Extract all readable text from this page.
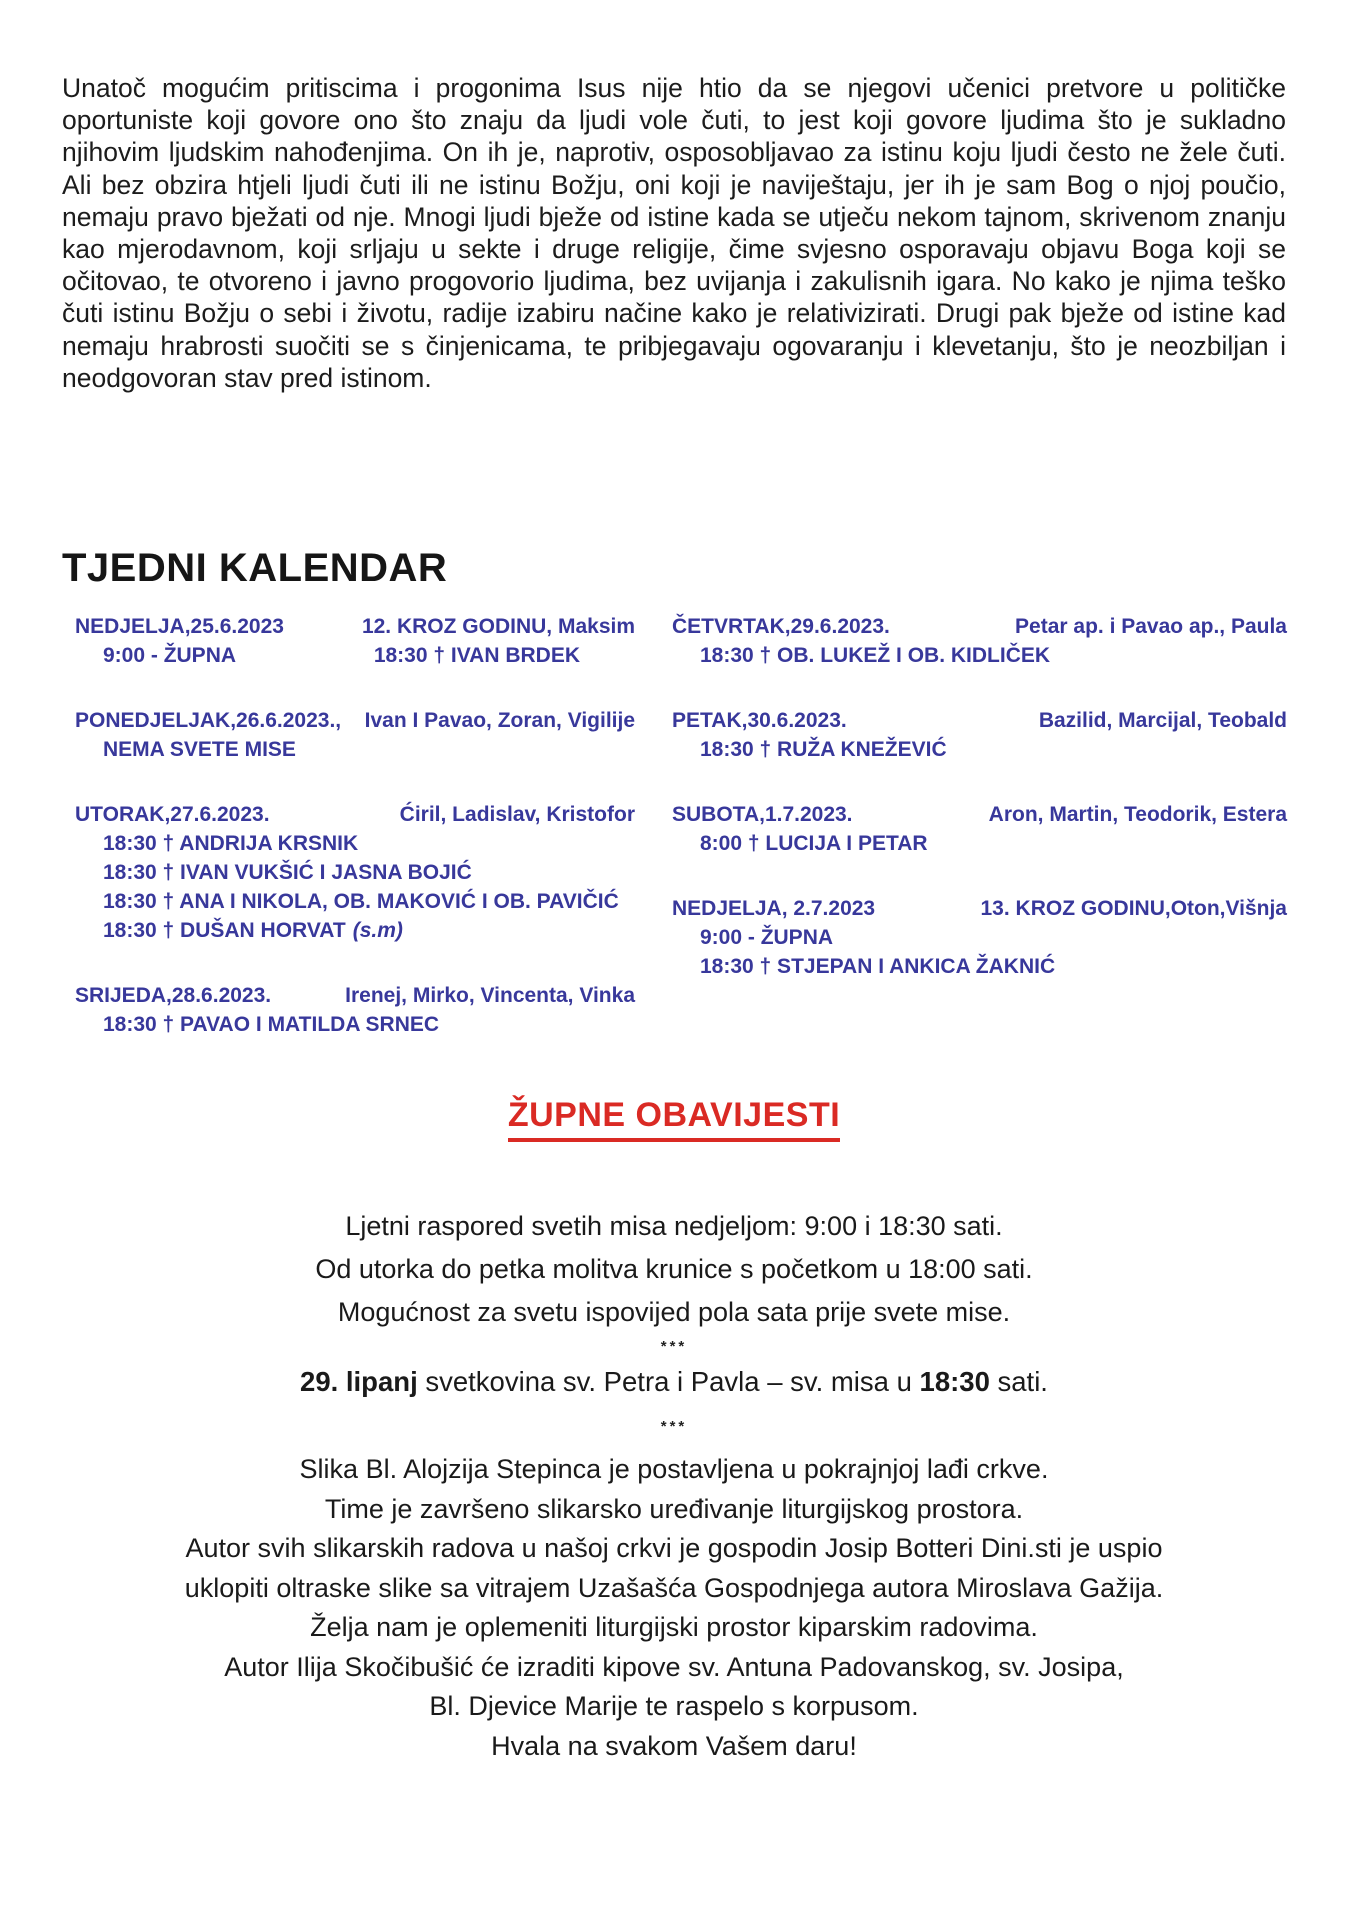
Unatoč mogućim pritiscima i progonima Isus nije htio da se njegovi učenici pretvore u političke oportuniste koji govore ono što znaju da ljudi vole čuti, to jest koji govore ljudima što je sukladno njihovim ljudskim nahođenjima. On ih je, naprotiv, osposobljavao za istinu koju ljudi često ne žele čuti. Ali bez obzira htjeli ljudi čuti ili ne istinu Božju, oni koji je naviještaju, jer ih je sam Bog o njoj poučio, nemaju pravo bježati od nje. Mnogi ljudi bježe od istine kada se utječu nekom tajnom, skrivenom znanju kao mjerodavnom, koji srljaju u sekte i druge religije, čime svjesno osporavaju objavu Boga koji se očitovao, te otvoreno i javno progovorio ljudima, bez uvijanja i zakulisnih igara. No kako je njima teško čuti istinu Božju o sebi i životu, radije izabiru načine kako je relativizirati. Drugi pak bježe od istine kad nemaju hrabrosti suočiti se s činjenicama, te pribjegavaju ogovaranju i klevetanju, što je neozbiljan i neodgovoran stav pred istinom.

TJEDNI KALENDAR
NEDJELJA,25.6.2023	12. KROZ GODINU, Maksim
9:00 - ŽUPNA	18:30 † IVAN BRDEK
PONEDJELJAK,26.6.2023., Ivan I Pavao, Zoran, Vigilije
NEMA SVETE MISE
UTORAK,27.6.2023.	Ćiril, Ladislav, Kristofor
18:30 † ANDRIJA KRSNIK
18:30 † IVAN VUKŠIĆ I JASNA BOJIĆ
18:30 † ANA I NIKOLA, OB. MAKOVIĆ I OB. PAVIČIĆ
18:30 † DUŠAN HORVAT (s.m)
SRIJEDA,28.6.2023.	Irenej, Mirko, Vincenta, Vinka
18:30 † PAVAO I MATILDA SRNEC
ČETVRTAK,29.6.2023.	Petar ap. i Pavao ap., Paula
18:30 † OB. LUKEŽ I OB. KIDLIČEK
PETAK,30.6.2023.	Bazilid, Marcijal, Teobald
18:30 † RUŽA KNEŽEVIĆ
SUBOTA,1.7.2023.	Aron, Martin, Teodorik, Estera
8:00 † LUCIJA I PETAR
NEDJELJA, 2.7.2023	13. KROZ GODINU,Oton,Višnja
9:00 - ŽUPNA
18:30 † STJEPAN I ANKICA ŽAKNIĆ
ŽUPNE OBAVIJESTI
Ljetni raspored svetih misa nedjeljom: 9:00 i 18:30 sati.
Od utorka do petka molitva krunice s početkom u 18:00 sati.
Mogućnost za svetu ispovijed pola sata prije svete mise.
***
29. lipanj svetkovina sv. Petra i Pavla – sv. misa u 18:30 sati.
***
Slika Bl. Alojzija Stepinca je postavljena u pokrajnjoj lađi crkve.
Time je završeno slikarsko uređivanje liturgijskog prostora.
Autor svih slikarskih radova u našoj crkvi je gospodin Josip Botteri Dini.sti je uspio
uklopiti oltraske slike sa vitrajem Uzašašća Gospodnjega autora Miroslava Gažija.
Želja nam je oplemeniti liturgijski prostor kiparskim radovima.
Autor Ilija Skočibušić će izraditi kipove sv. Antuna Padovanskog, sv. Josipa,
Bl. Djevice Marije te raspelo s korpusom.
Hvala na svakom Vašem daru!
